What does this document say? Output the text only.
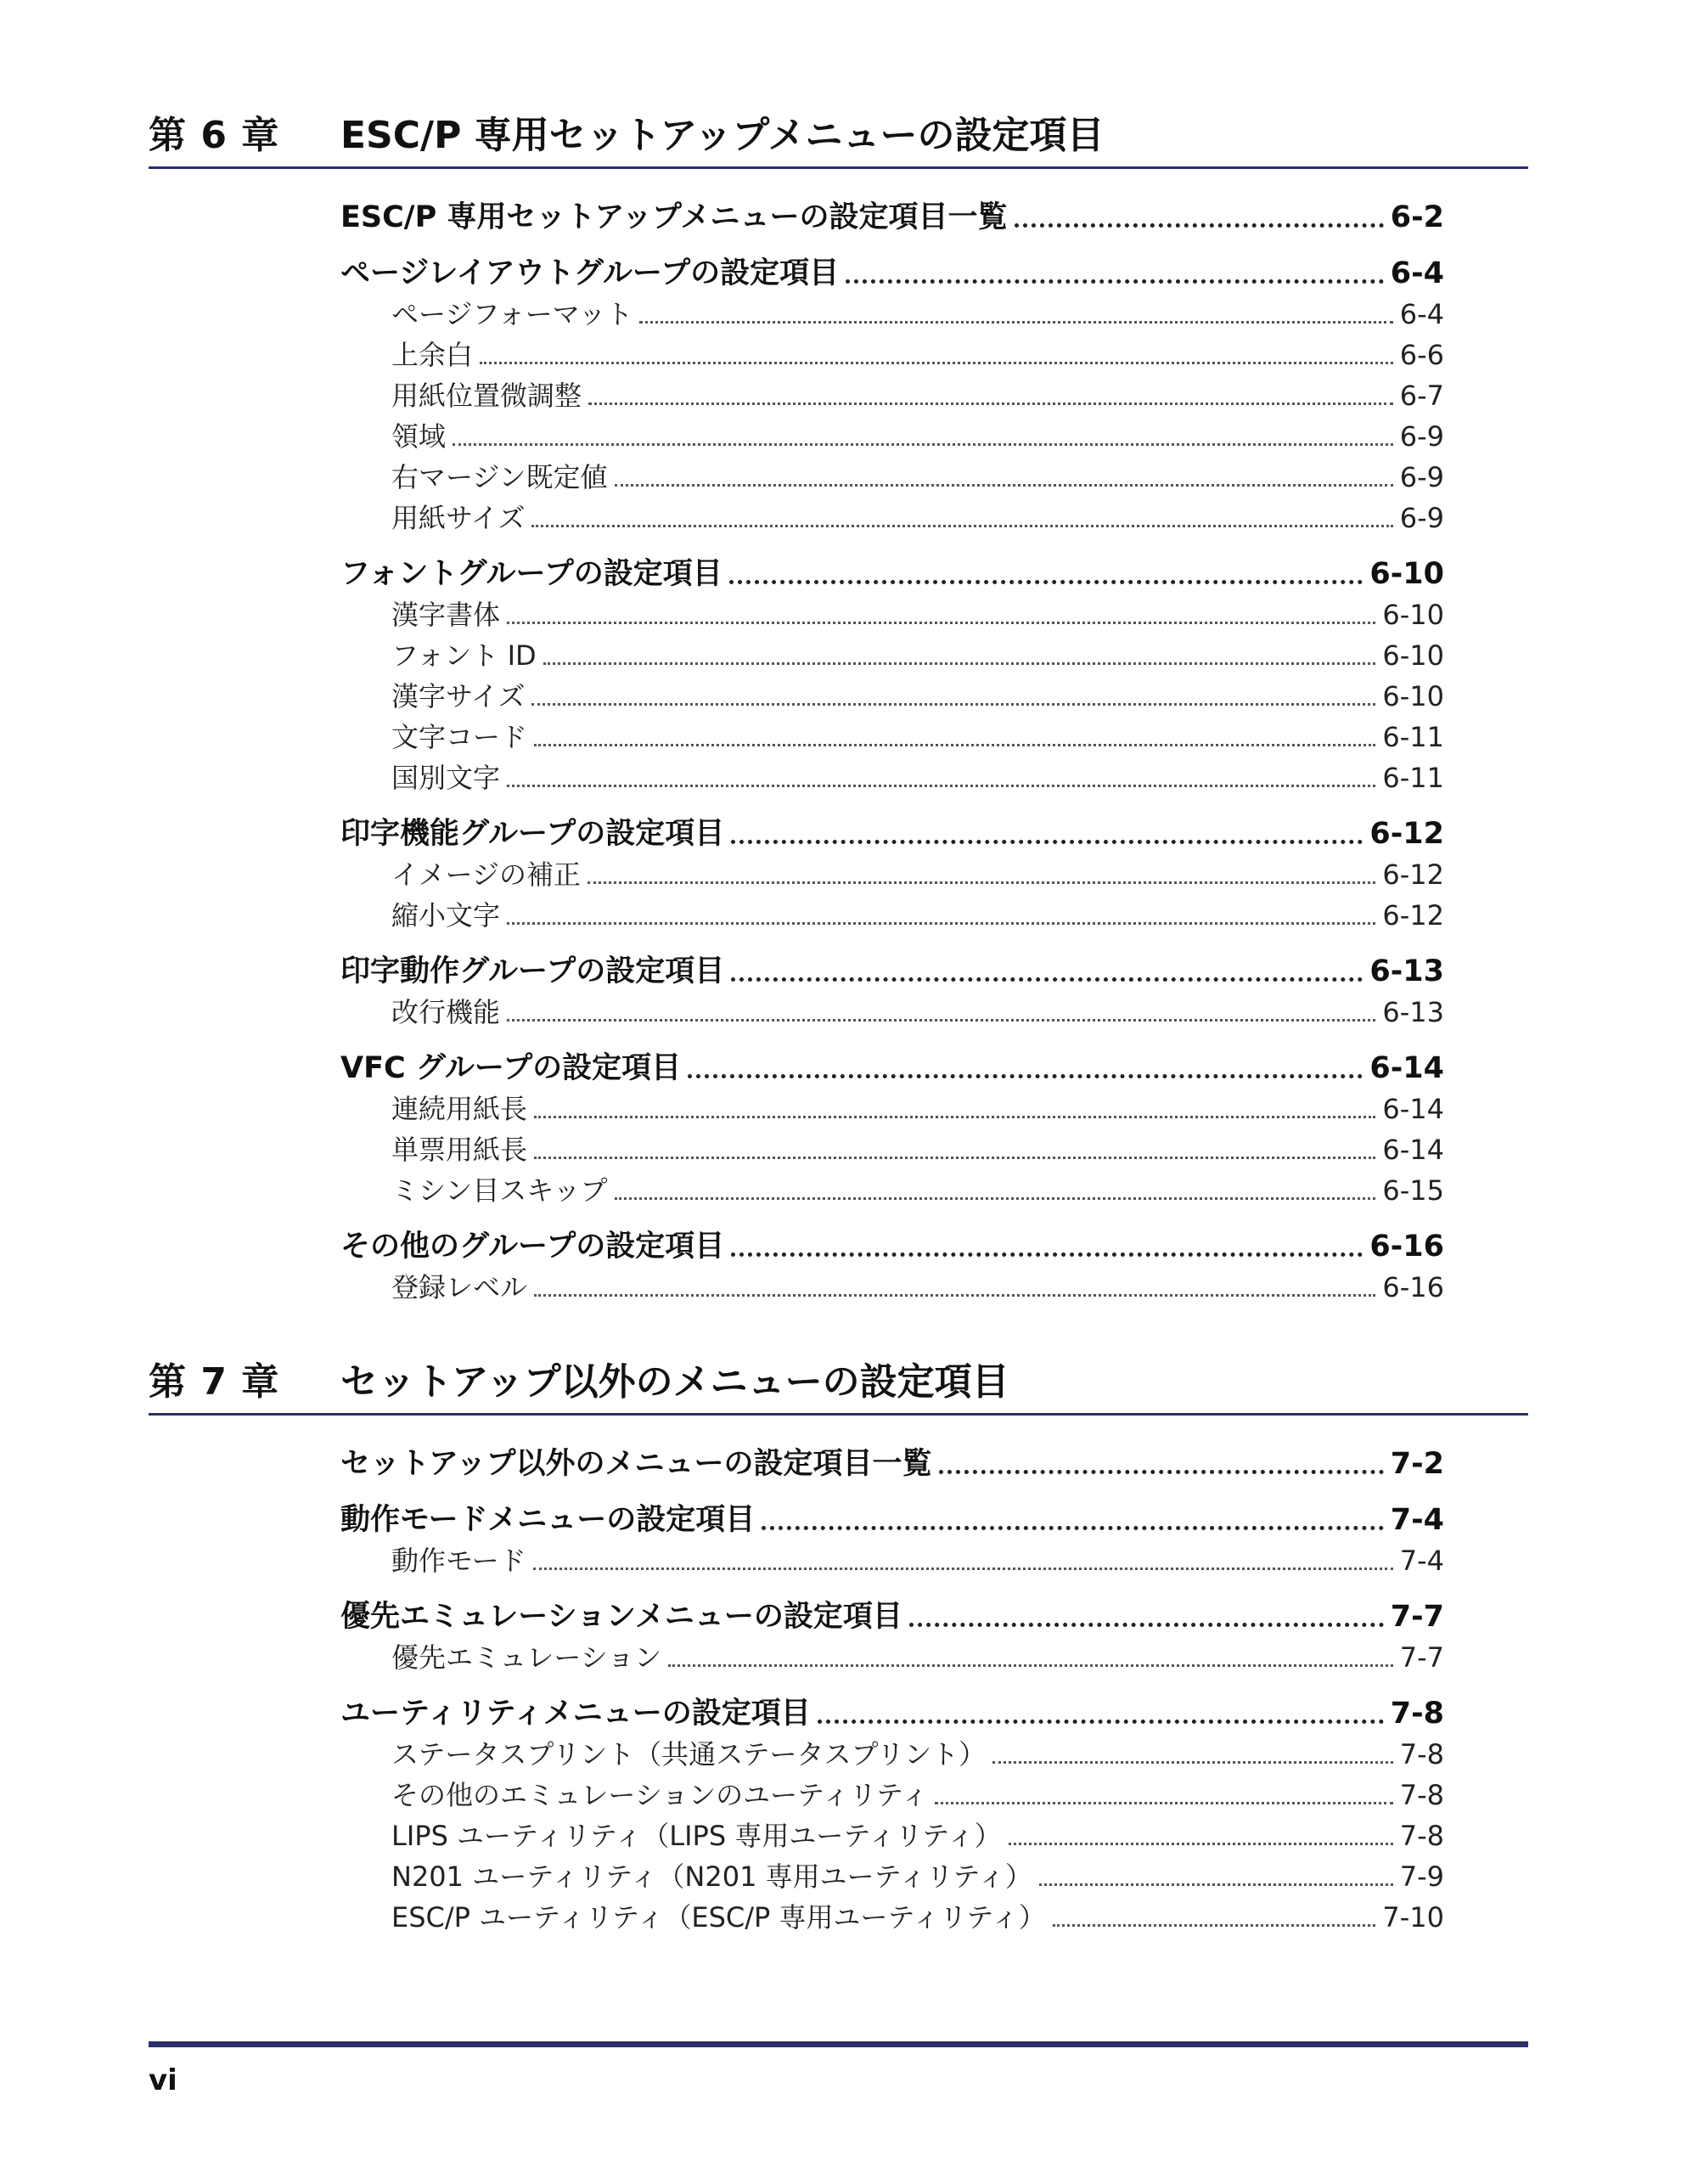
第 6 章 ESC/P 専用セットアップメニューの設定項目
ESC/P 専用セットアップメニューの設定項目一覧	6-2
ページレイアウトグループの設定項目	6-4
ページフォーマット	6-4
上余白	6-6
用紙位置微調整	6-7
領域	6-9
右マージン既定値	6-9
用紙サイズ	6-9
フォントグループの設定項目	6-10
漢字書体	6-10
フォント ID	6-10
漢字サイズ	6-10
文字コード	6-11
国別文字	6-11
印字機能グループの設定項目	6-12
イメージの補正	6-12
縮小文字	6-12
印字動作グループの設定項目	6-13
改行機能	6-13
VFC グループの設定項目	6-14
連続用紙長	6-14
単票用紙長	6-14
ミシン目スキップ	6-15
その他のグループの設定項目	6-16
登録レベル	6-16
第 7 章 セットアップ以外のメニューの設定項目
セットアップ以外のメニューの設定項目一覧	7-2
動作モードメニューの設定項目	7-4
動作モード	7-4
優先エミュレーションメニューの設定項目	7-7
優先エミュレーション	7-7
ユーティリティメニューの設定項目	7-8
ステータスプリント（共通ステータスプリント）	7-8
その他のエミュレーションのユーティリティ	7-8
LIPS ユーティリティ（LIPS 専用ユーティリティ）	7-8
N201 ユーティリティ（N201 専用ユーティリティ）	7-9
ESC/P ユーティリティ（ESC/P 専用ユーティリティ）	7-10
vi
